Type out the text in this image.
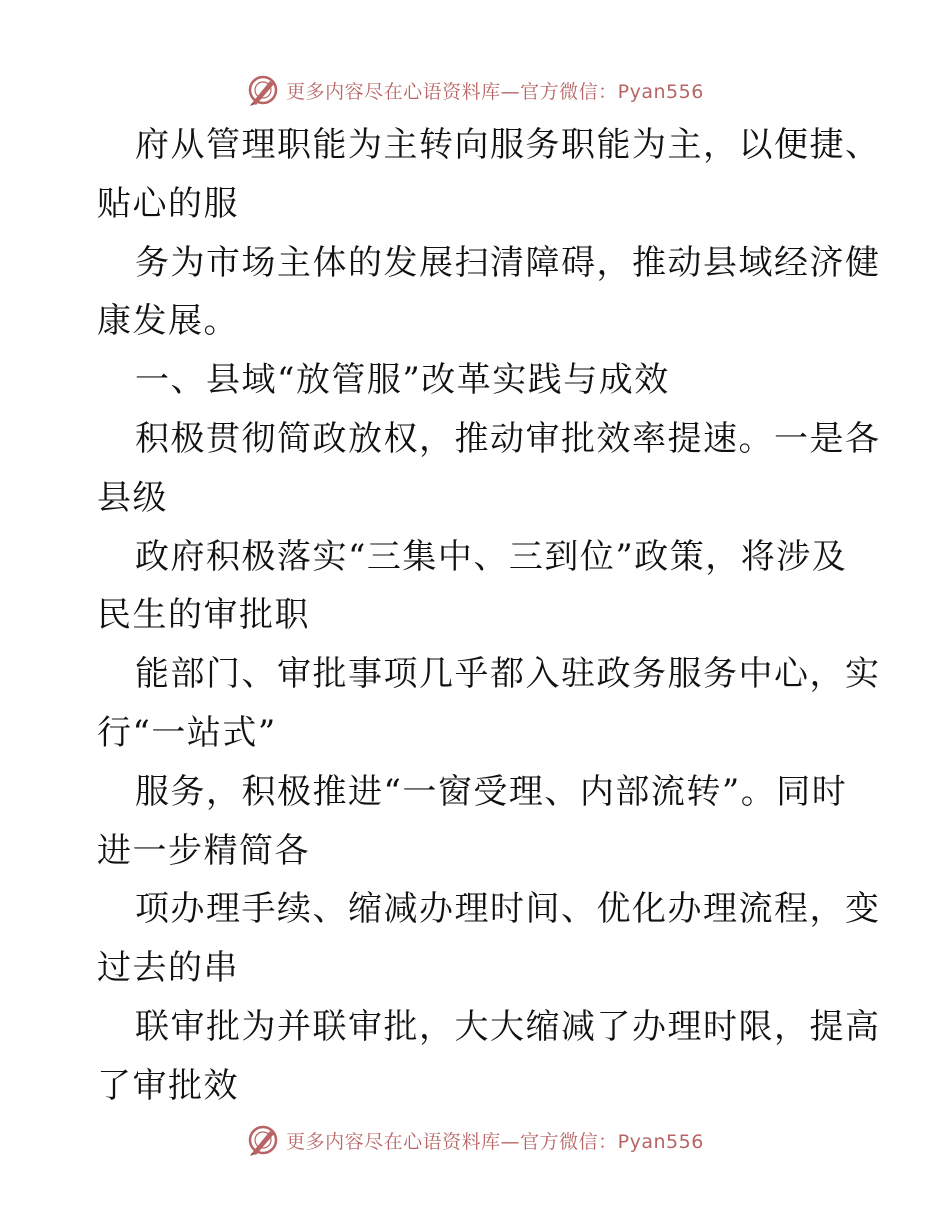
更多内容尽在心语资料库—官方微信：Pyan556
府从管理职能为主转向服务职能为主，以便捷、
贴心的服
务为市场主体的发展扫清障碍，推动县域经济健
康发展。
一、县域“放管服”改革实践与成效
积极贯彻简政放权，推动审批效率提速。一是各
县级
政府积极落实“三集中、三到位”政策，将涉及
民生的审批职
能部门、审批事项几乎都入驻政务服务中心，实
行“一站式”
服务，积极推进“一窗受理、内部流转”。同时
进一步精简各
项办理手续、缩减办理时间、优化办理流程，变
过去的串
联审批为并联审批，大大缩减了办理时限，提高
了审批效
更多内容尽在心语资料库—官方微信：Pyan556
